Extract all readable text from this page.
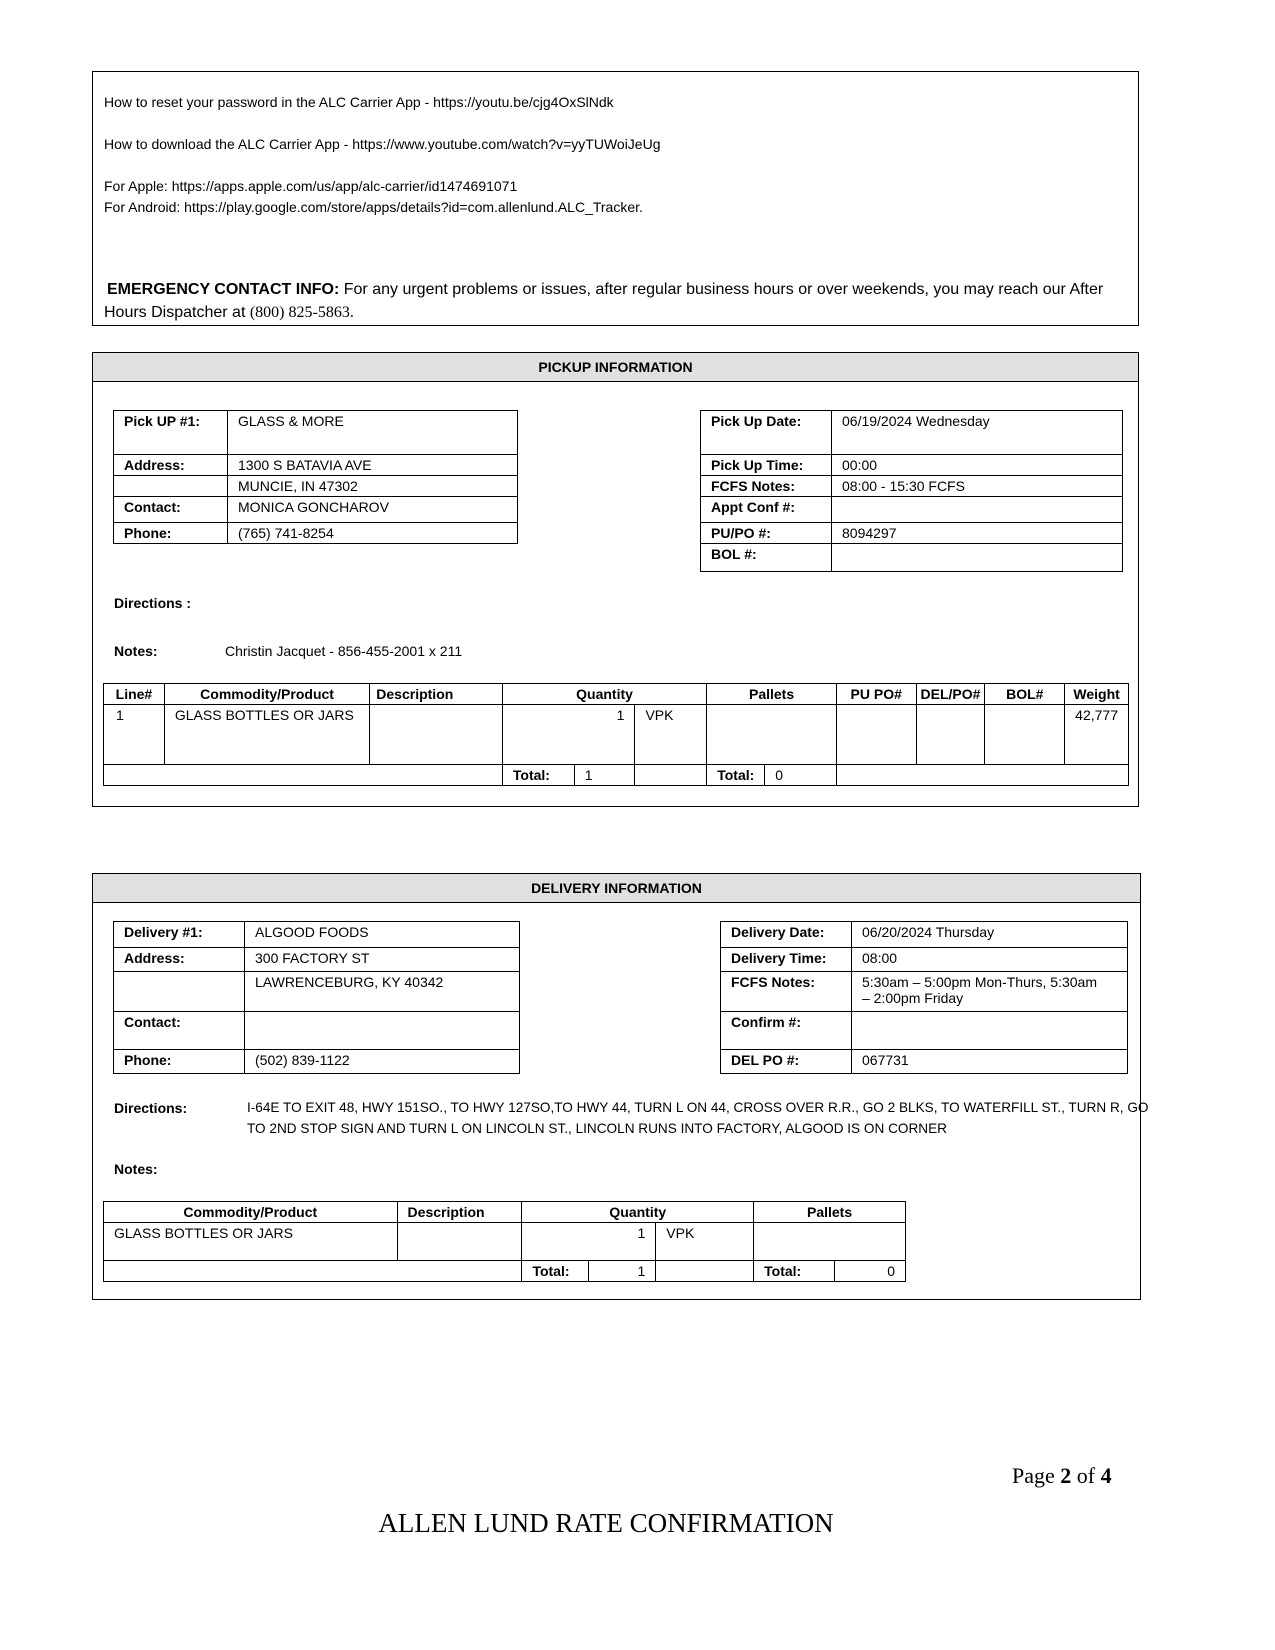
How to reset your password in the ALC Carrier App - https://youtu.be/cjg4OxSlNdk
How to download the ALC Carrier App - https://www.youtube.com/watch?v=yyTUWoiJeUg
For Apple: https://apps.apple.com/us/app/alc-carrier/id1474691071
For Android: https://play.google.com/store/apps/details?id=com.allenlund.ALC_Tracker.
EMERGENCY CONTACT INFO: For any urgent problems or issues, after regular business hours or over weekends, you may reach our After
Hours Dispatcher at (800) 825-5863.
PICKUP INFORMATION
Pick UP #1:	GLASS & MORE
Address:	1300 S BATAVIA AVE
	MUNCIE, IN 47302
Contact:	MONICA GONCHAROV
Phone:	(765) 741-8254
Pick Up Date:	06/19/2024 Wednesday
Pick Up Time:	00:00
FCFS Notes:	08:00 - 15:30 FCFS
Appt Conf #:	
PU/PO #:	8094297
BOL #:	
Directions :
Notes:	Christin Jacquet - 856-455-2001 x 211
Line#	Commodity/Product	Description	Quantity			Pallets		PU PO#	DEL/PO#	BOL#	Weight
1	GLASS BOTTLES OR JARS		1		VPK						42,777
			Total:	1		Total:	0				
DELIVERY INFORMATION
Delivery #1:	ALGOOD FOODS
Address:	300 FACTORY ST
	LAWRENCEBURG, KY 40342
Contact:	
Phone:	(502) 839-1122
Delivery Date:	06/20/2024 Thursday
Delivery Time:	08:00
FCFS Notes:	5:30am – 5:00pm Mon-Thurs, 5:30am
– 2:00pm Friday

Confirm #:	
DEL PO #:	067731
Directions:	I-64E TO EXIT 48, HWY 151SO., TO HWY 127SO,TO HWY 44, TURN L ON 44, CROSS OVER R.R., GO 2 BLKS, TO WATERFILL ST., TURN R, GO
TO 2ND STOP SIGN AND TURN L ON LINCOLN ST., LINCOLN RUNS INTO FACTORY, ALGOOD IS ON CORNER
Notes:
Commodity/Product	Description	Quantity			Pallets	
GLASS BOTTLES OR JARS		1		VPK		
		Total:	1		Total:	0
Page 2 of 4
ALLEN LUND RATE CONFIRMATION
